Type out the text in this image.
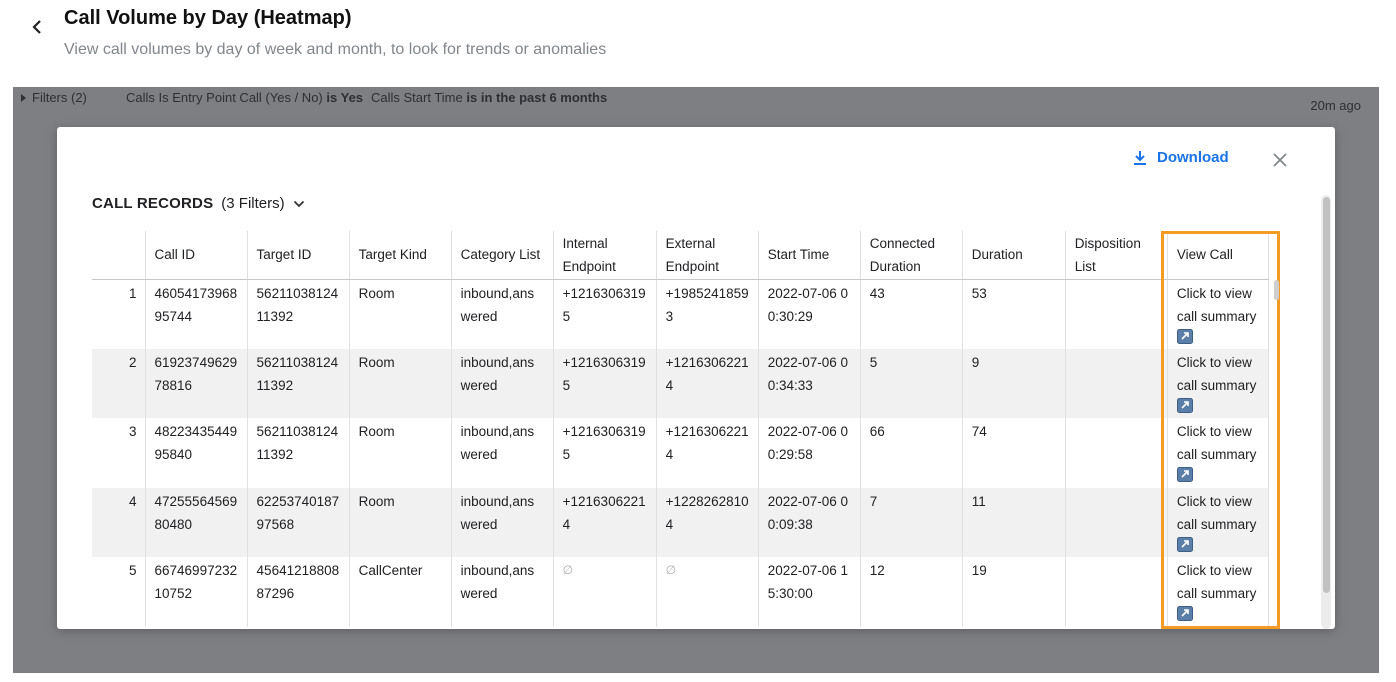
Call Volume by Day (Heatmap)
View call volumes by day of week and month, to look for trends or anomalies
Filters (2)	Calls Is Entry Point Call (Yes / No) is Yes Calls Start Time is in the past 6 months
20m ago
Download
CALL RECORDS (3 Filters)
	Call ID	Target ID	Target Kind	Category List	Internal Endpoint	External Endpoint	Start Time	Connected Duration	Duration	Disposition List	View Call
1	4605417396895744	5621103812411392	Room	inbound,answered	+12163063195	+19852418593	2022-07-06 00:30:29	43	53		Click to view call summary

2	6192374962978816	5621103812411392	Room	inbound,answered	+12163063195	+12163062214	2022-07-06 00:34:33	5	9		Click to view call summary

3	4822343544995840	5621103812411392	Room	inbound,answered	+12163063195	+12163062214	2022-07-06 00:29:58	66	74		Click to view call summary

4	4725556456980480	6225374018797568	Room	inbound,answered	+12163062214	+12282628104	2022-07-06 00:09:38	7	11		Click to view call summary

5	6674699723210752	4564121880887296	CallCenter	inbound,answered	∅	∅	2022-07-06 15:30:00	12	19		Click to view call summary
